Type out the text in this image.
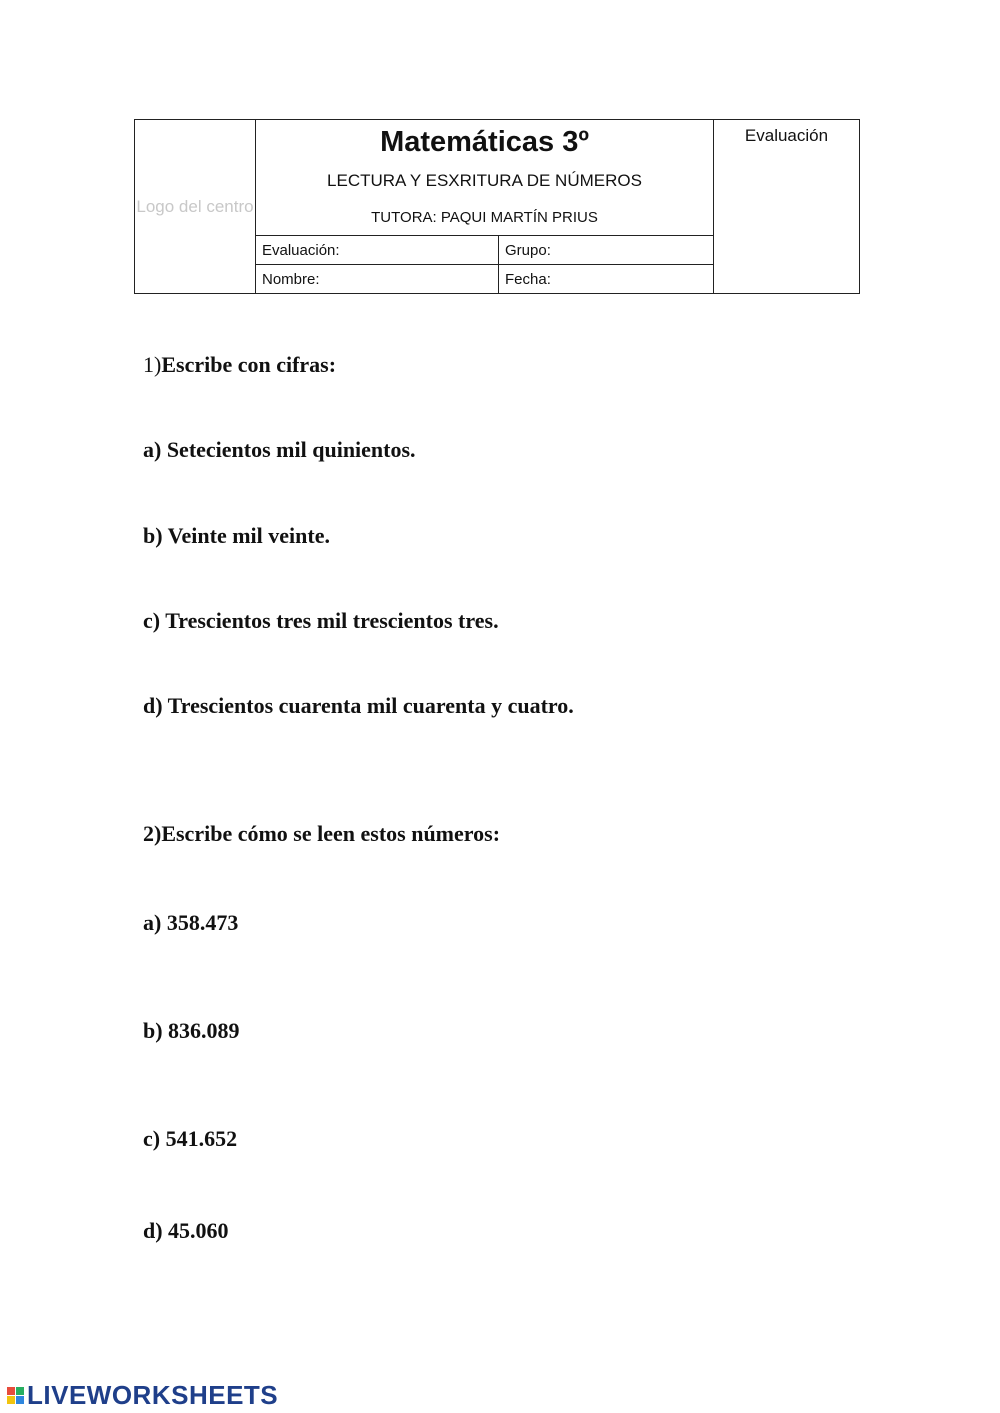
Logo del centro	Matemáticas 3º
LECTURA Y ESXRITURA DE NÚMEROS
TUTORA: PAQUI MARTÍN PRIUS		Evaluación

	Evaluación:	Grupo:	
	Nombre:	Fecha:	

1)Escribe con cifras:

a) Setecientos mil quinientos.

b) Veinte mil veinte.

c) Trescientos tres mil trescientos tres.

d) Trescientos cuarenta mil cuarenta y cuatro.

2)Escribe cómo se leen estos números:

a) 358.473

b) 836.089

c) 541.652

d) 45.060

LIVEWORKSHEETS
